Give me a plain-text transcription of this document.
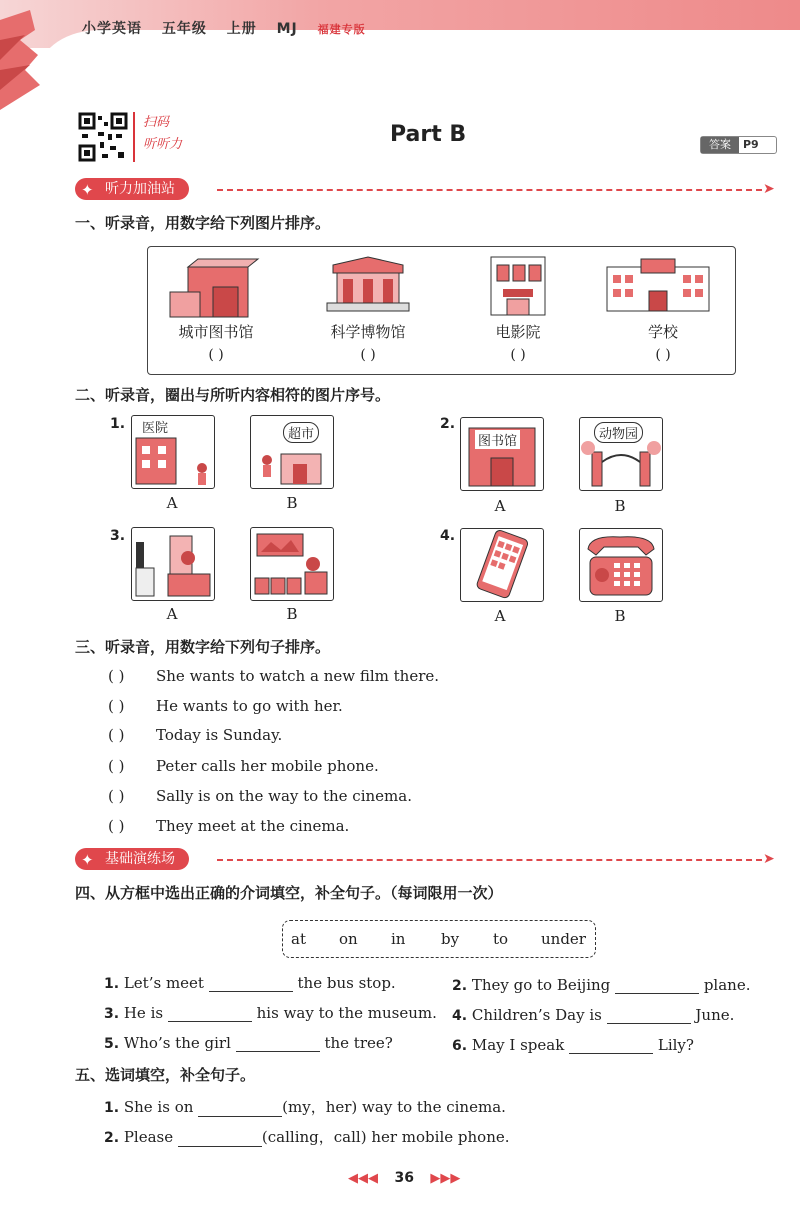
小学英语 五年级 上册 MJ 福建专版
扫码
听听力	Part B	答案	P9
✦ 听力加油站	➤
一、听录音，用数字给下列图片排序。
城市图书馆	科学博物馆	电影院	学校
( )	( )	( )	( )
二、听录音，圈出与所听内容相符的图片序号。
1.	2.
3.	4.
医院	超市
A	B
图书馆	动物园
A	B
A	B	A	B
三、听录音，用数字给下列句子排序。
( ) She wants to watch a new film there.
( ) He wants to go with her.
( ) Today is Sunday.
( ) Peter calls her mobile phone.
( ) Sally is on the way to the cinema.
( ) They meet at the cinema.
✦ 基础演练场	➤
四、从方框中选出正确的介词填空，补全句子。（每词限用一次）
at on in by to under
1. Let’s meet	the bus stop.	2. They go to Beijing	plane.
3. He is	his way to the museum. 4. Children’s Day is	June.
5. Who’s the girl	the tree?	6. May I speak	Lily?
五、选词填空，补全句子。
1. She is on	(my，her) way to the cinema.
2. Please	(calling，call) her mobile phone.
◀◀◀ 36 ▶▶▶
